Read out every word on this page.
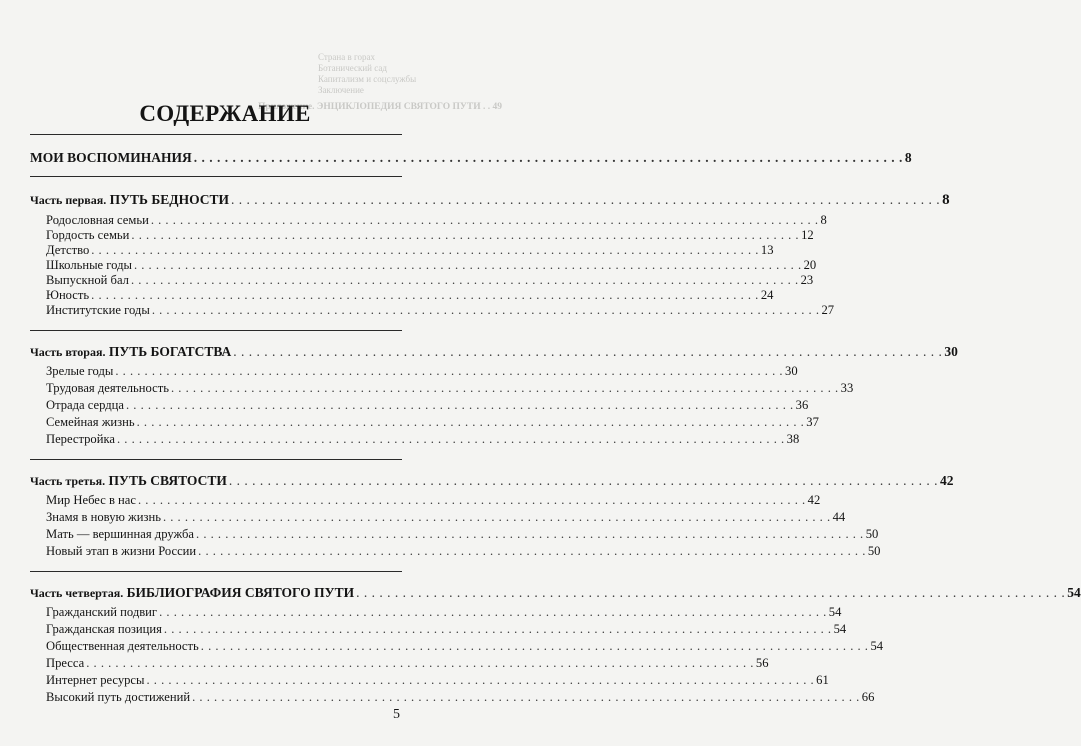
Страна в горах
Ботанический сад
Капитализм и соцслужбы
Заключение
Приложение. ЭНЦИКЛОПЕДИЯ СВЯТОГО ПУТИ . . 49
СОДЕРЖАНИЕ
МОИ ВОСПОМИНАНИЯ . . .	8
Часть первая. ПУТЬ БЕДНОСТИ . . .	8
Родословная семьи . . .	8
Гордость семьи . . .	12
Детство . . .	13
Школьные годы . . .	20
Выпускной бал . . .	23
Юность . . .	24
Институтские годы . . .	27
Часть вторая. ПУТЬ БОГАТСТВА . . .	30
Зрелые годы . . .	30
Трудовая деятельность . . .	33
Отрада сердца . . .	36
Семейная жизнь . . .	37
Перестройка . . .	38
Часть третья. ПУТЬ СВЯТОСТИ . . .	42
Мир Небес в нас . . .	42
Знамя в новую жизнь . . .	44
Мать — вершинная дружба . . .	50
Новый этап в жизни России . . .	50
Часть четвертая. БИБЛИОГРАФИЯ СВЯТОГО ПУТИ . . .	54
Гражданский подвиг . . .	54
Гражданская позиция . . .	54
Общественная деятельность . . .	54
Пресса . . .	56
Интернет ресурсы . . .	61
Высокий путь достижений . . .	66
5
